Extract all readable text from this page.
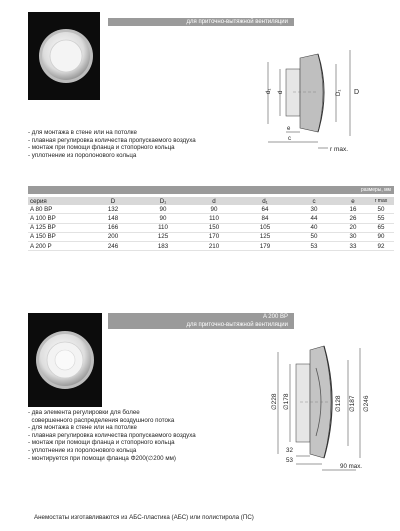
для приточно-вытяжной вентиляции
d₁ d	D₁ D
e
c
r max.
- для монтажа в стене или на потолке
- плавная регулировка количества пропускаемого воздуха
- монтаж при помощи фланца и стопорного кольца
- уплотнение из поролонового кольца
размеры, мм
серия	D	D₁	d	d₁	c	e	r max
A 80 BP	132	90	90	64	30	16	50
A 100 BP	148	90	110	84	44	26	55
A 125 BP	166	110	150	105	40	20	65
A 150 BP	200	125	170	125	50	30	90
A 200 P	246	183	210	179	53	33	92
A 200 BP
для приточно-вытяжной вентиляции
∅228 ∅178	∅128 ∅187 ∅246
32
53
90 max.
- два элемента регулировки для более
совершенного распределения воздушного потока
- для монтажа в стене или на потолке
- плавная регулировка количества пропускаемого воздуха
- монтаж при помощи фланца и стопорного кольца
- уплотнение из поролонового кольца
- монтируется при помощи фланца Φ200(∅200 мм)
Анемостаты изготавливаются из АБС-пластика (АБС) или полистирола (ПС)
